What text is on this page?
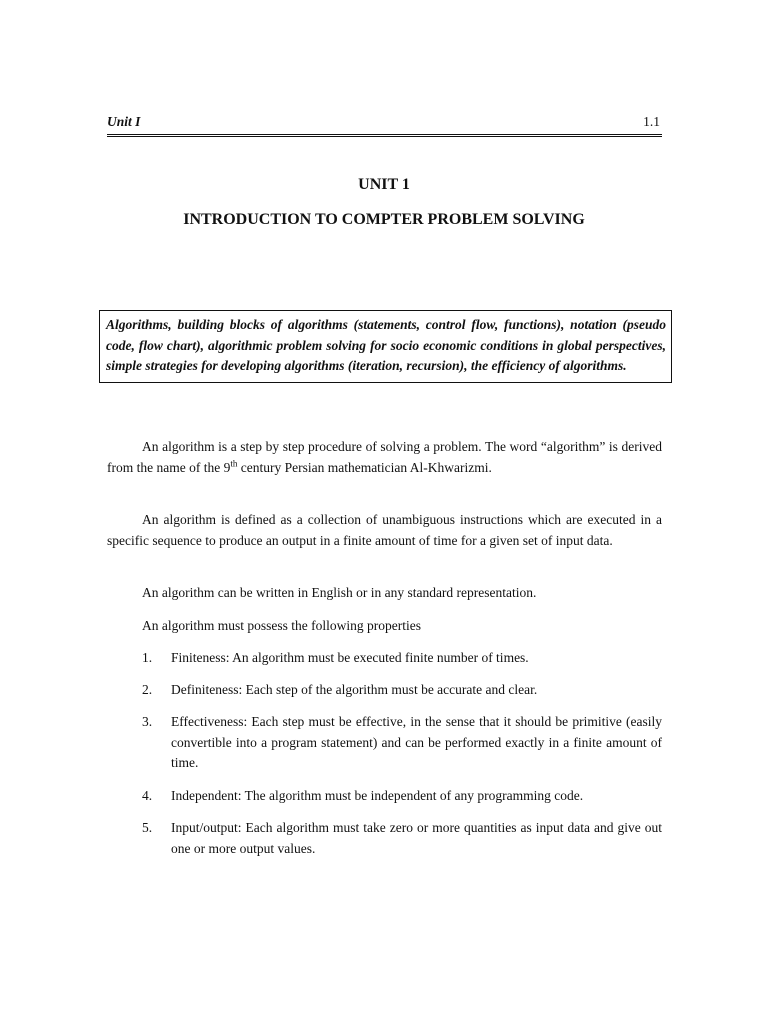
Unit I	1.1
UNIT 1
INTRODUCTION TO COMPTER PROBLEM SOLVING
Algorithms, building blocks of algorithms (statements, control flow, functions), notation (pseudo code, flow chart), algorithmic problem solving for socio economic conditions in global perspectives, simple strategies for developing algorithms (iteration, recursion), the efficiency of algorithms.

An algorithm is a step by step procedure of solving a problem. The word “algorithm” is derived from the name of the 9th century Persian mathematician Al-Khwarizmi.

An algorithm is defined as a collection of unambiguous instructions which are executed in a specific sequence to produce an output in a finite amount of time for a given set of input data.

An algorithm can be written in English or in any standard representation.

An algorithm must possess the following properties

1. Finiteness: An algorithm must be executed finite number of times.
2. Definiteness: Each step of the algorithm must be accurate and clear.
3. Effectiveness: Each step must be effective, in the sense that it should be primitive (easily convertible into a program statement) and can be performed exactly in a finite amount of time.
4. Independent: The algorithm must be independent of any programming code.
5. Input/output: Each algorithm must take zero or more quantities as input data and give out one or more output values.
